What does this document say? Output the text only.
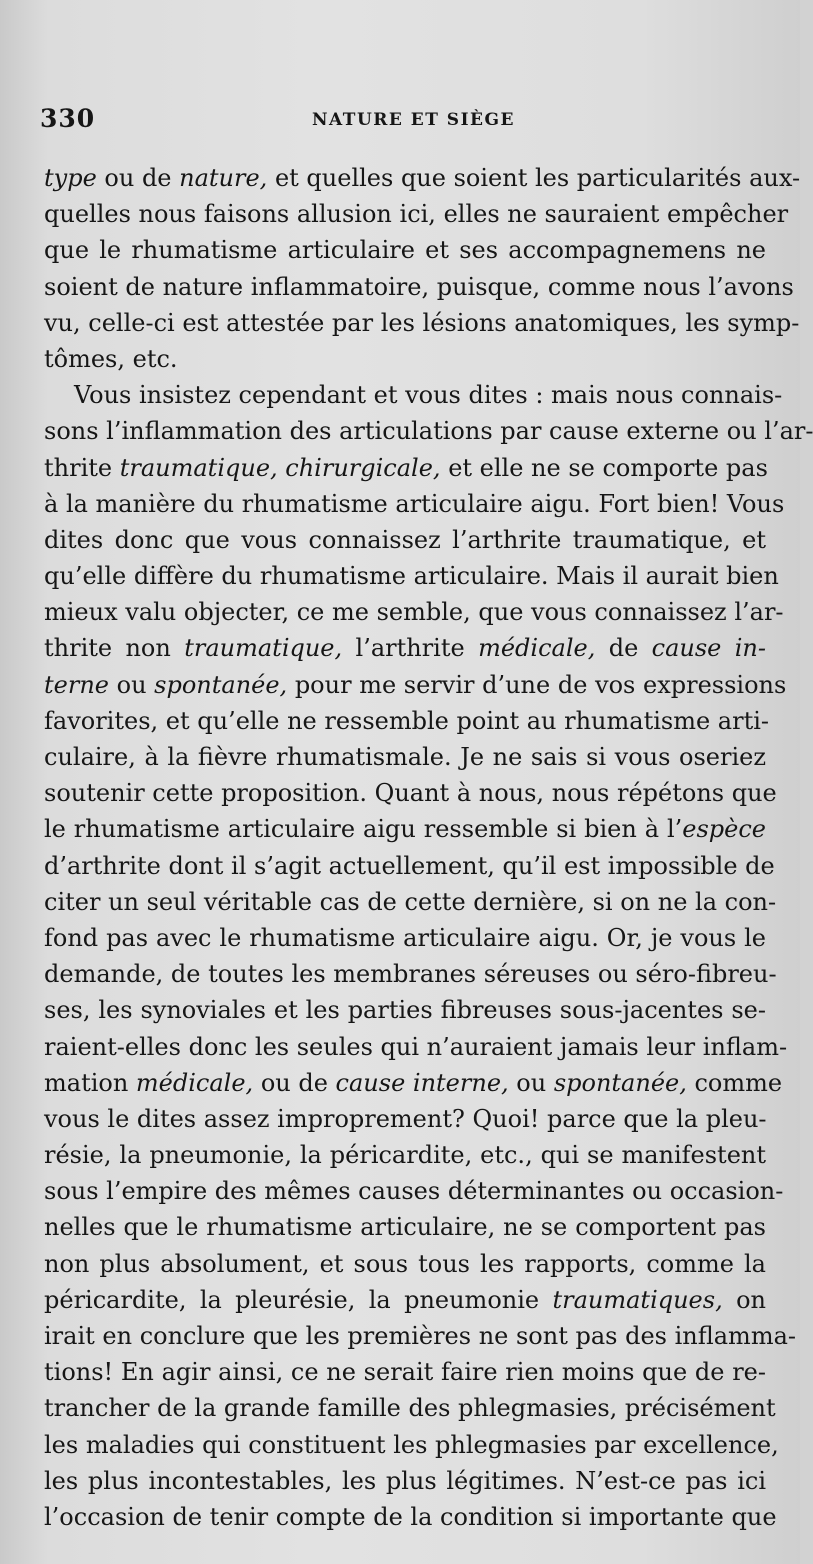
330	NATURE ET SIÈGE
type ou de nature, et quelles que soient les particularités aux-
quelles nous faisons allusion ici, elles ne sauraient empêcher
que le rhumatisme articulaire et ses accompagnemens ne
soient de nature inflammatoire, puisque, comme nous l’avons
vu, celle-ci est attestée par les lésions anatomiques, les symp-
tômes, etc.
Vous insistez cependant et vous dites : mais nous connais-
sons l’inflammation des articulations par cause externe ou l’ar-
thrite traumatique, chirurgicale, et elle ne se comporte pas
à la manière du rhumatisme articulaire aigu. Fort bien! Vous
dites donc que vous connaissez l’arthrite traumatique, et
qu’elle diffère du rhumatisme articulaire. Mais il aurait bien
mieux valu objecter, ce me semble, que vous connaissez l’ar-
thrite non traumatique, l’arthrite médicale, de cause in-
terne ou spontanée, pour me servir d’une de vos expressions
favorites, et qu’elle ne ressemble point au rhumatisme arti-
culaire, à la fièvre rhumatismale. Je ne sais si vous oseriez
soutenir cette proposition. Quant à nous, nous répétons que
le rhumatisme articulaire aigu ressemble si bien à l’espèce
d’arthrite dont il s’agit actuellement, qu’il est impossible de
citer un seul véritable cas de cette dernière, si on ne la con-
fond pas avec le rhumatisme articulaire aigu. Or, je vous le
demande, de toutes les membranes séreuses ou séro-fibreu-
ses, les synoviales et les parties fibreuses sous-jacentes se-
raient-elles donc les seules qui n’auraient jamais leur inflam-
mation médicale, ou de cause interne, ou spontanée, comme
vous le dites assez improprement? Quoi! parce que la pleu-
résie, la pneumonie, la péricardite, etc., qui se manifestent
sous l’empire des mêmes causes déterminantes ou occasion-
nelles que le rhumatisme articulaire, ne se comportent pas
non plus absolument, et sous tous les rapports, comme la
péricardite, la pleurésie, la pneumonie traumatiques, on
irait en conclure que les premières ne sont pas des inflamma-
tions! En agir ainsi, ce ne serait faire rien moins que de re-
trancher de la grande famille des phlegmasies, précisément
les maladies qui constituent les phlegmasies par excellence,
les plus incontestables, les plus légitimes. N’est-ce pas ici
l’occasion de tenir compte de la condition si importante que
